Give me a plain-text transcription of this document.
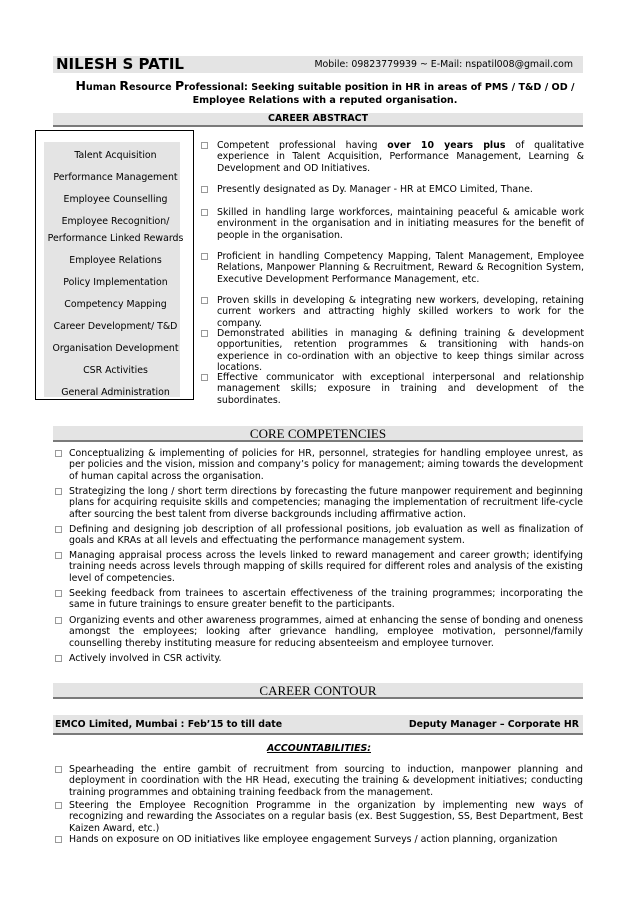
NILESH S PATIL	Mobile: 09823779939 ~ E-Mail: nspatil008@gmail.com
Human Resource Professional: Seeking suitable position in HR in areas of PMS / T&D / OD /
Employee Relations with a reputed organisation.
CAREER ABSTRACT
Talent Acquisition
Performance Management
Employee Counselling
Employee Recognition/
Performance Linked Rewards
Employee Relations
Policy Implementation
Competency Mapping
Career Development/ T&D
Organisation Development
CSR Activities
General Administration
Competent professional having over 10 years plus of qualitative experience in Talent Acquisition, Performance Management, Learning & Development and OD Initiatives.
Presently designated as Dy. Manager - HR at EMCO Limited, Thane.
Skilled in handling large workforces, maintaining peaceful & amicable work environment in the organisation and in initiating measures for the benefit of people in the organisation.
Proficient in handling Competency Mapping, Talent Management, Employee Relations, Manpower Planning & Recruitment, Reward & Recognition System, Executive Development Performance Management, etc.
Proven skills in developing & integrating new workers, developing, retaining current workers and attracting highly skilled workers to work for the company.
Demonstrated abilities in managing & defining training & development opportunities, retention programmes & transitioning with hands-on experience in co-ordination with an objective to keep things similar across locations.
Effective communicator with exceptional interpersonal and relationship management skills; exposure in training and development of the subordinates.
CORE COMPETENCIES
Conceptualizing & implementing of policies for HR, personnel, strategies for handling employee unrest, as per policies and the vision, mission and company’s policy for management; aiming towards the development of human capital across the organisation.
Strategizing the long / short term directions by forecasting the future manpower requirement and beginning plans for acquiring requisite skills and competencies; managing the implementation of recruitment life-cycle after sourcing the best talent from diverse backgrounds including affirmative action.
Defining and designing job description of all professional positions, job evaluation as well as finalization of goals and KRAs at all levels and effectuating the performance management system.
Managing appraisal process across the levels linked to reward management and career growth; identifying training needs across levels through mapping of skills required for different roles and analysis of the existing level of competencies.
Seeking feedback from trainees to ascertain effectiveness of the training programmes; incorporating the same in future trainings to ensure greater benefit to the participants.
Organizing events and other awareness programmes, aimed at enhancing the sense of bonding and oneness amongst the employees; looking after grievance handling, employee motivation, personnel/family counselling thereby instituting measure for reducing absenteeism and employee turnover.
Actively involved in CSR activity.
CAREER CONTOUR
EMCO Limited, Mumbai : Feb’15 to till date	Deputy Manager – Corporate HR
ACCOUNTABILITIES:
Spearheading the entire gambit of recruitment from sourcing to induction, manpower planning and deployment in coordination with the HR Head, executing the training & development initiatives; conducting training programmes and obtaining training feedback from the management.
Steering the Employee Recognition Programme in the organization by implementing new ways of recognizing and rewarding the Associates on a regular basis (ex. Best Suggestion, SS, Best Department, Best Kaizen Award, etc.)
Hands on exposure on OD initiatives like employee engagement Surveys / action planning, organization
